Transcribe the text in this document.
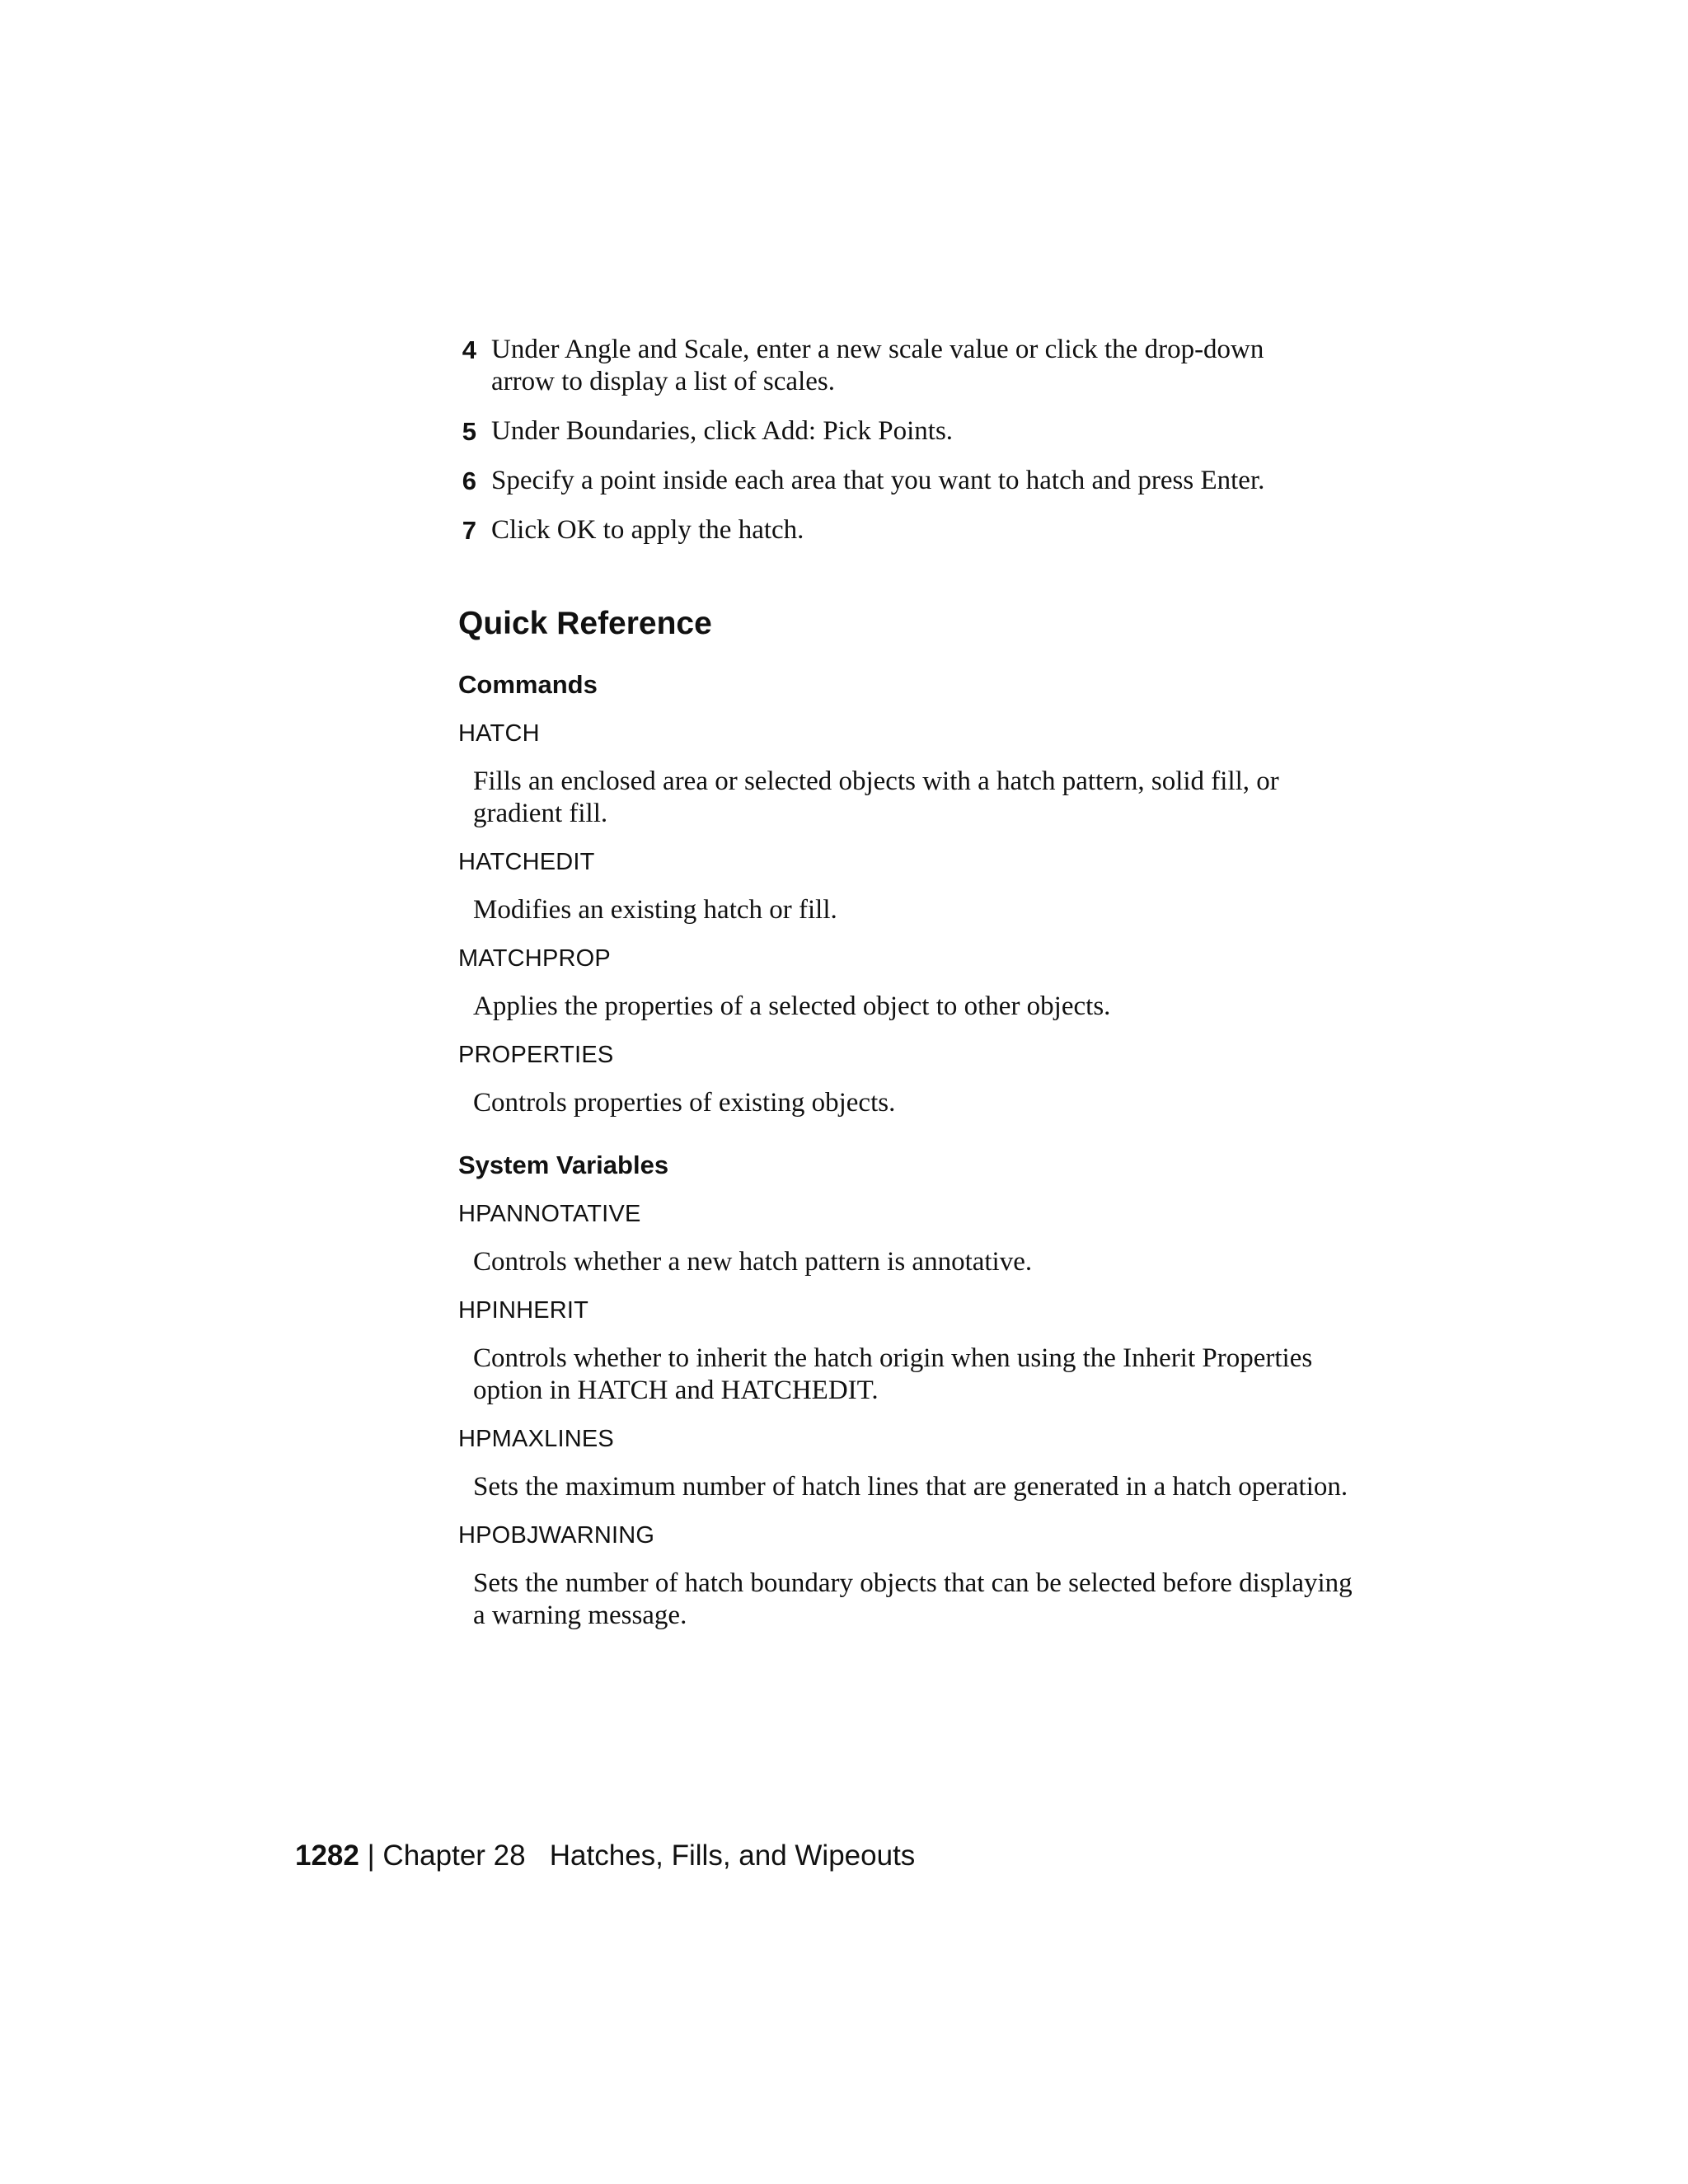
4 Under Angle and Scale, enter a new scale value or click the drop-down arrow to display a list of scales.
5 Under Boundaries, click Add: Pick Points.
6 Specify a point inside each area that you want to hatch and press Enter.
7 Click OK to apply the hatch.
Quick Reference
Commands
HATCH
Fills an enclosed area or selected objects with a hatch pattern, solid fill, or gradient fill.
HATCHEDIT
Modifies an existing hatch or fill.
MATCHPROP
Applies the properties of a selected object to other objects.
PROPERTIES
Controls properties of existing objects.
System Variables
HPANNOTATIVE
Controls whether a new hatch pattern is annotative.
HPINHERIT
Controls whether to inherit the hatch origin when using the Inherit Properties option in HATCH and HATCHEDIT.
HPMAXLINES
Sets the maximum number of hatch lines that are generated in a hatch operation.
HPOBJWARNING
Sets the number of hatch boundary objects that can be selected before displaying a warning message.
1282 | Chapter 28 Hatches, Fills, and Wipeouts
